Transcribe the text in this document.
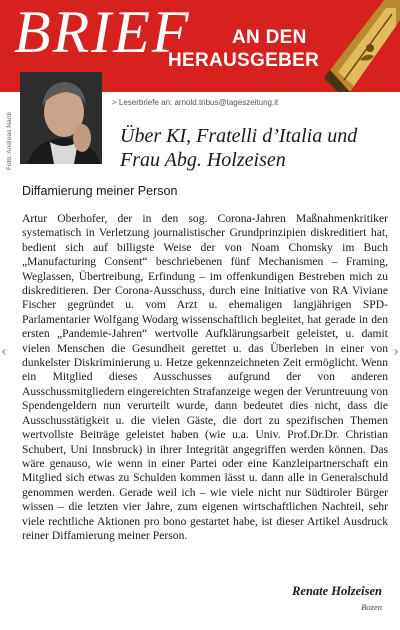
BRIEF AN DEN
HERAUSGEBER
Foto: Andreas Nardi
> Leserbriefe an: arnold.tribus@tageszeitung.it
Über KI, Fratelli d’Italia und
Frau Abg. Holzeisen
Diffamierung meiner Person
Artur Oberhofer, der in den sog. Corona-Jahren Maßnahmenkritiker systematisch in Verletzung journalistischer Grundprinzipien diskreditiert hat, bedient sich auf billigste Weise der von Noam Chomsky im Buch „Manufacturing Consent“ beschriebenen fünf Mechanismen – Framing, Weglassen, Übertreibung, Erfindung – im offenkundigen Bestreben mich zu diskreditieren. Der Corona-Ausschuss, durch eine Initiative von RA Viviane Fischer gegründet u. vom Arzt u. ehemaligen langjährigen SPD-Parlamentarier Wolfgang Wodarg wissenschaftlich begleitet, hat gerade in den ersten „Pandemie-Jahren“ wertvolle Aufklärungsarbeit geleistet, u. damit vielen Menschen die Gesundheit gerettet u. das Überleben in einer von dunkelster Diskriminierung u. Hetze gekennzeichneten Zeit ermöglicht. Wenn ein Mitglied dieses Ausschusses aufgrund der von anderen Ausschussmitgliedern eingereichten Strafanzeige wegen der Veruntreuung von Spendengeldern nun verurteilt wurde, dann bedeutet dies nicht, dass die Ausschusstätigkeit u. die vielen Gäste, die dort zu spezifischen Themen wertvollste Beiträge geleistet haben (wie u.a. Univ. Prof.Dr.Dr. Christian Schubert, Uni Innsbruck) in ihrer Integrität angegriffen werden können. Das wäre genauso, wie wenn in einer Partei oder eine Kanzleipartnerschaft ein Mitglied sich etwas zu Schulden kommen lässt u. dann alle in Generalschuld genommen werden. Gerade weil ich – wie viele nicht nur Südtiroler Bürger wissen – die letzten vier Jahre, zum eigenen wirtschaftlichen Nachteil, sehr viele rechtliche Aktionen pro bono gestartet habe, ist dieser Artikel Ausdruck reiner Diffamierung meiner Person.
Renate Holzeisen
Bozen
‹	›
